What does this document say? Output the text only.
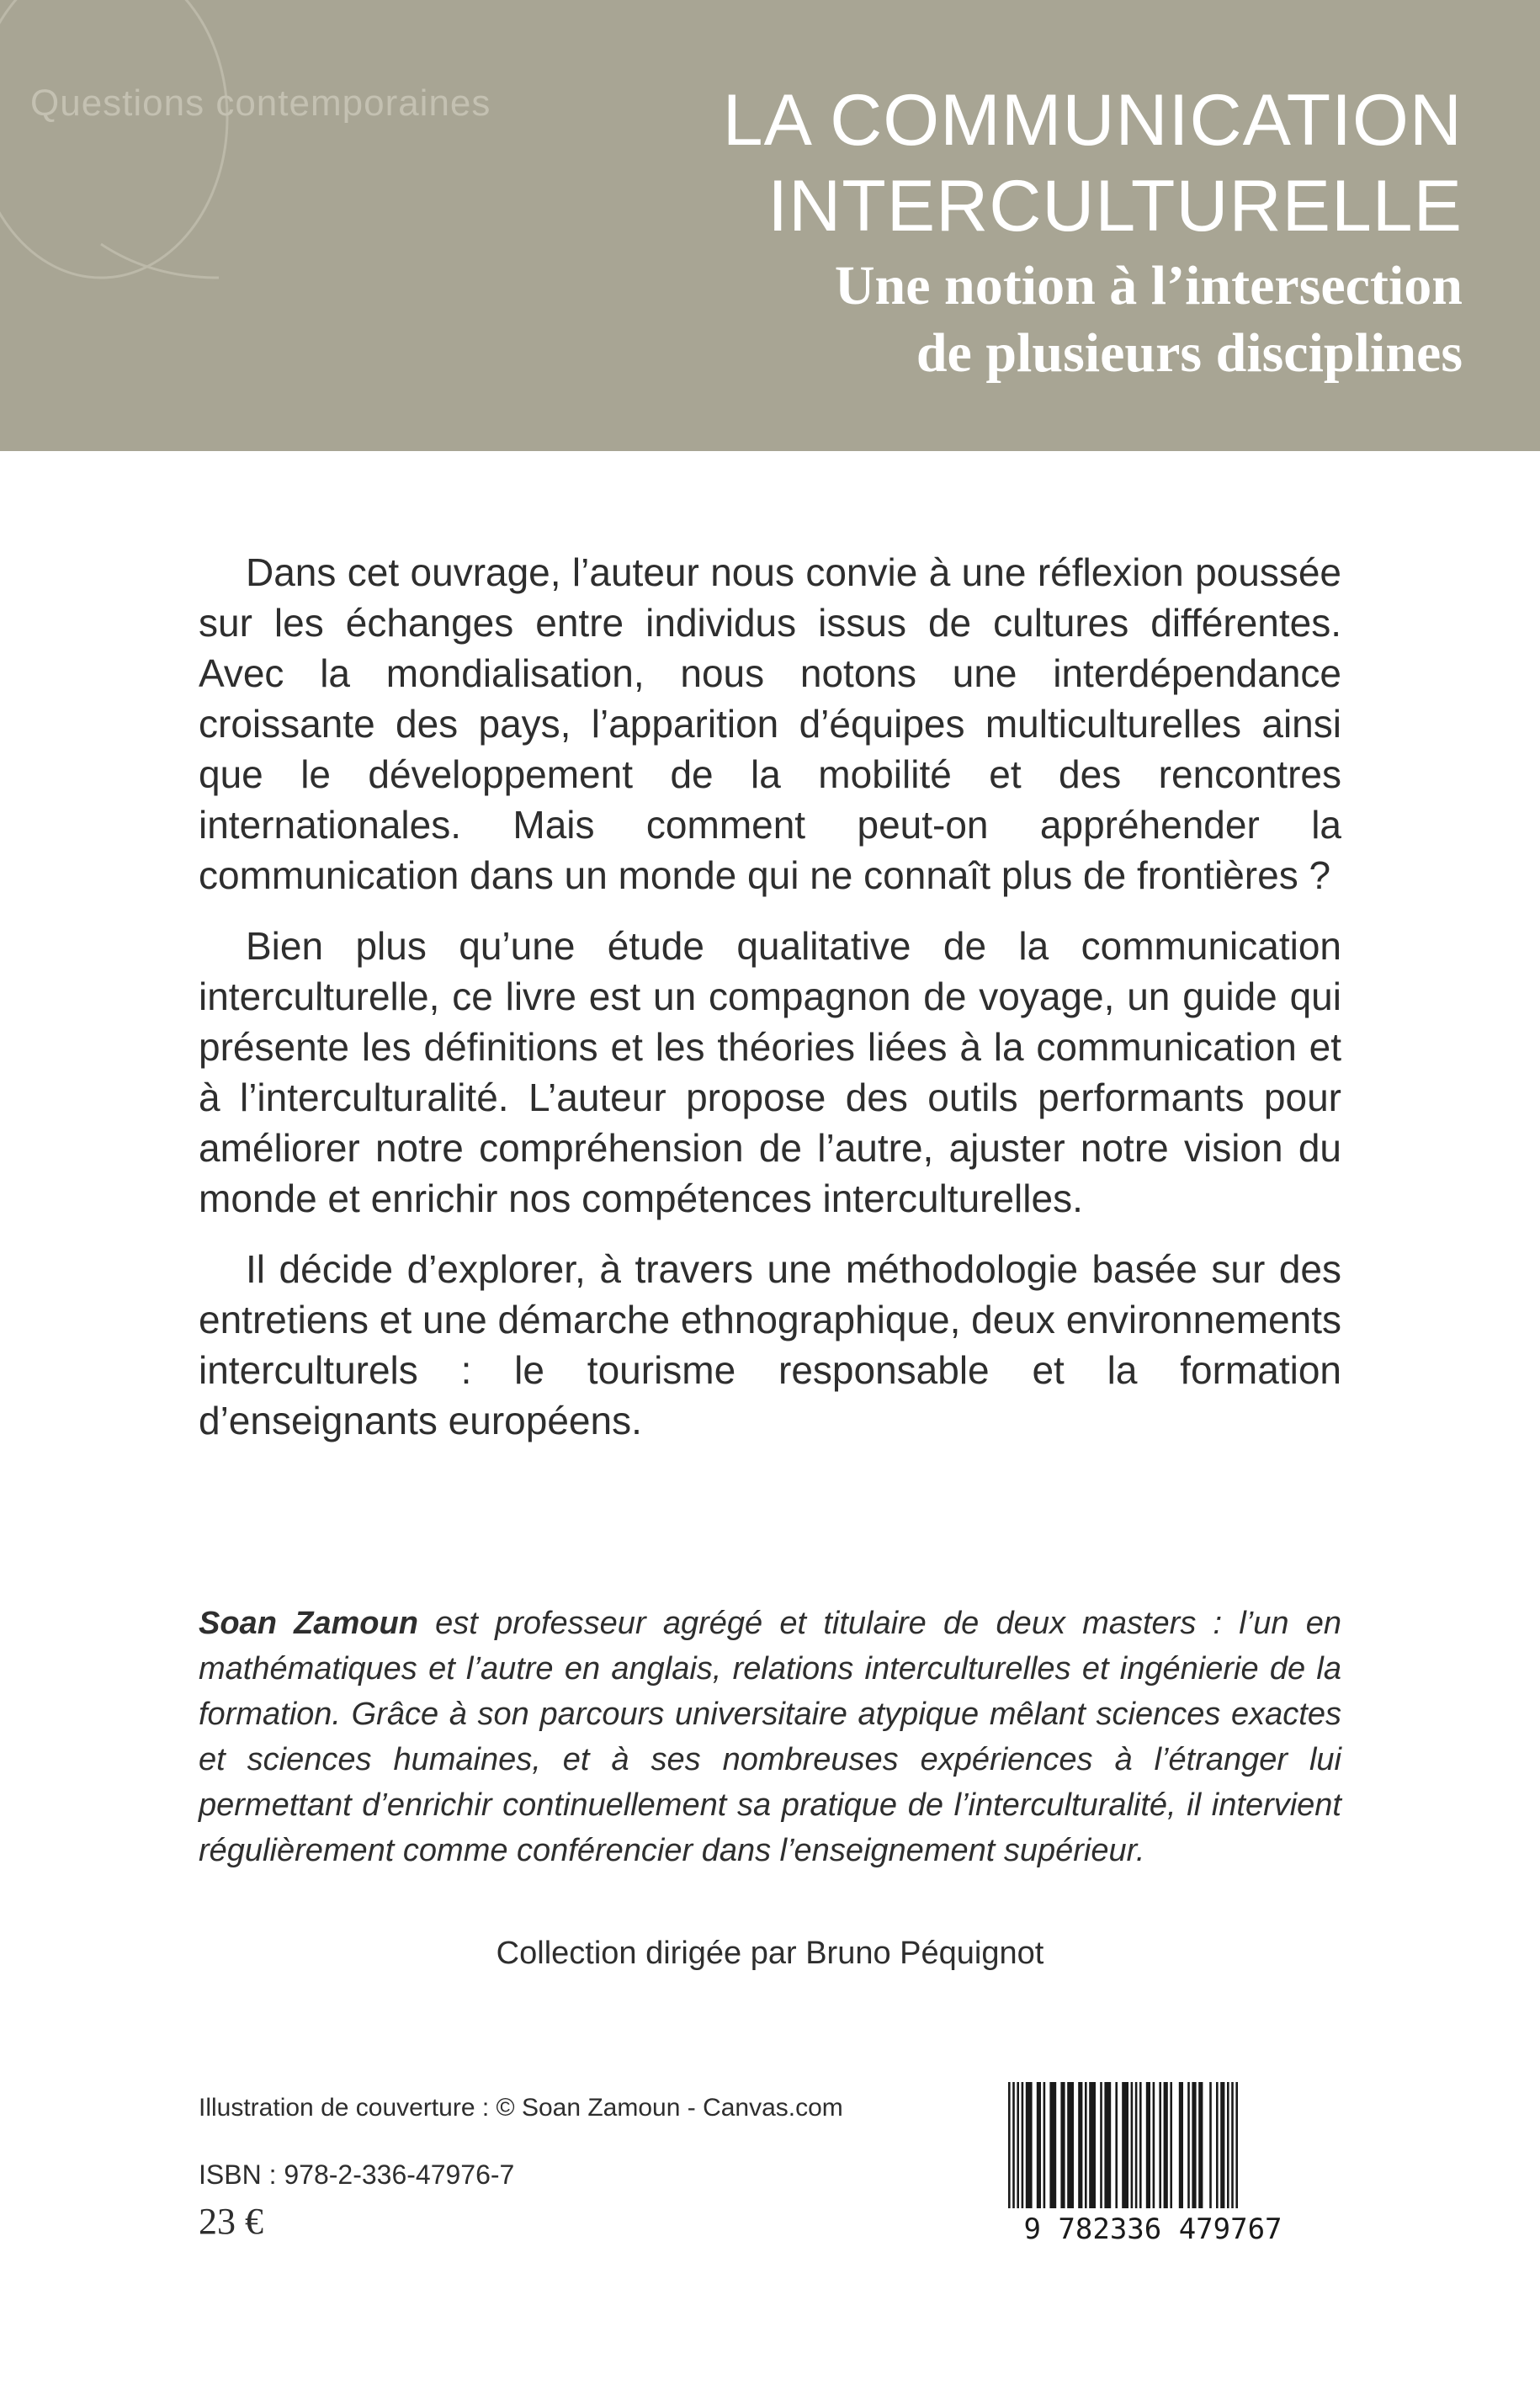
Questions contemporaines	LA COMMUNICATION
INTERCULTURELLE
Une notion à l’intersection
de plusieurs disciplines

Dans cet ouvrage, l’auteur nous convie à une réflexion poussée sur les échanges entre individus issus de cultures différentes. Avec la mondialisation, nous notons une interdépendance croissante des pays, l’apparition d’équipes multiculturelles ainsi que le développement de la mobilité et des rencontres internationales. Mais comment peut-on appréhender la communication dans un monde qui ne connaît plus de frontières ?

Bien plus qu’une étude qualitative de la communication interculturelle, ce livre est un compagnon de voyage, un guide qui présente les définitions et les théories liées à la communication et à l’interculturalité. L’auteur propose des outils performants pour améliorer notre compréhension de l’autre, ajuster notre vision du monde et enrichir nos compétences interculturelles.

Il décide d’explorer, à travers une méthodologie basée sur des entretiens et une démarche ethnographique, deux environnements interculturels : le tourisme responsable et la formation d’enseignants européens.

Soan Zamoun est professeur agrégé et titulaire de deux masters : l’un en mathématiques et l’autre en anglais, relations interculturelles et ingénierie de la formation. Grâce à son parcours universitaire atypique mêlant sciences exactes et sciences humaines, et à ses nombreuses expériences à l’étranger lui permettant d’enrichir continuellement sa pratique de l’interculturalité, il intervient régulièrement comme conférencier dans l’enseignement supérieur.
Collection dirigée par Bruno Péquignot
Illustration de couverture : © Soan Zamoun - Canvas.com
ISBN : 978-2-336-47976-7
23 €	9 782336 479767
